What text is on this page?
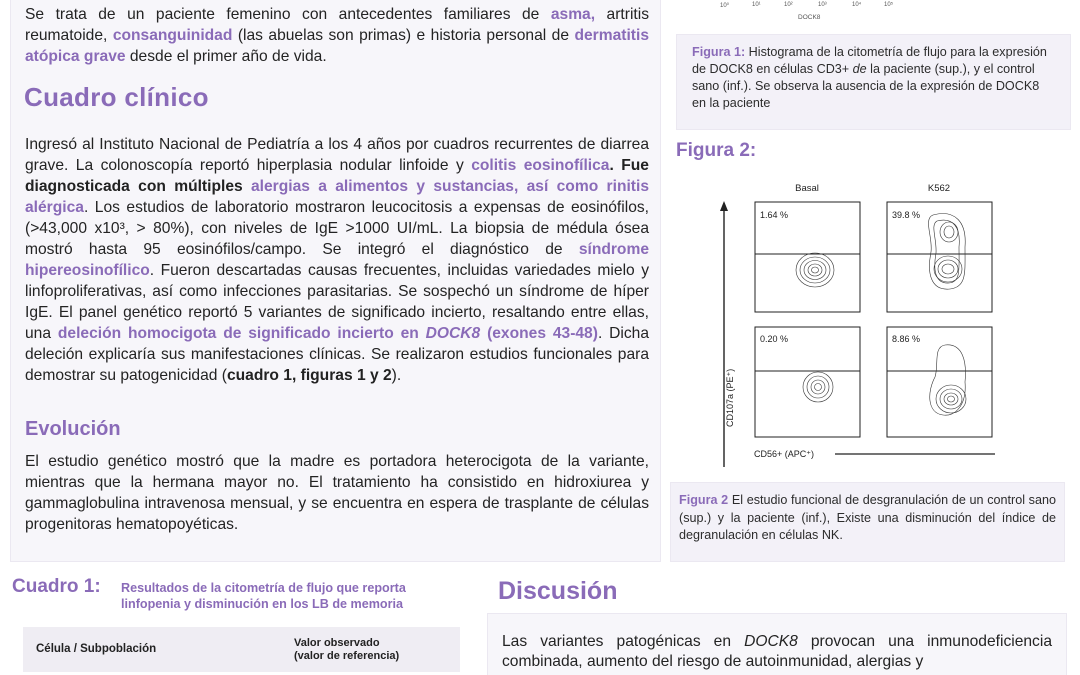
Se trata de un paciente femenino con antecedentes familiares de asma, artritis reumatoide, consanguinidad (las abuelas son primas) e historia personal de dermatitis atópica grave desde el primer año de vida.

Cuadro clínico

Ingresó al Instituto Nacional de Pediatría a los 4 años por cuadros recurrentes de diarrea grave. La colonoscopía reportó hiperplasia nodular linfoide y colitis eosinofílica. Fue diagnosticada con múltiples alergias a alimentos y sustancias, así como rinitis alérgica. Los estudios de laboratorio mostraron leucocitosis a expensas de eosinófilos, (>43,000 x10³, > 80%), con niveles de IgE >1000 UI/mL. La biopsia de médula ósea mostró hasta 95 eosinófilos/campo. Se integró el diagnóstico de síndrome hipereosinofílico. Fueron descartadas causas frecuentes, incluidas variedades mielo y linfoproliferativas, así como infecciones parasitarias. Se sospechó un síndrome de híper IgE. El panel genético reportó 5 variantes de significado incierto, resaltando entre ellas, una deleción homocigota de significado incierto en DOCK8 (exones 43-48). Dicha deleción explicaría sus manifestaciones clínicas. Se realizaron estudios funcionales para demostrar su patogenicidad (cuadro 1, figuras 1 y 2).

Evolución

El estudio genético mostró que la madre es portadora heterocigota de la variante, mientras que la hermana mayor no. El tratamiento ha consistido en hidroxiurea y gammaglobulina intravenosa mensual, y se encuentra en espera de trasplante de células progenitoras hematopoyéticas.

10⁰	10¹	10²	10³	10⁴	10⁵
DOCK8
Figura 1: Histograma de la citometría de flujo para la expresión de DOCK8 en células CD3+ de la paciente (sup.), y el control sano (inf.). Se observa la ausencia de la expresión de DOCK8 en la paciente
Figura 2:
Basal	K562
CD107a (PE⁺)
CD56+ (APC⁺)
1.64 %	39.8 %
0.20 %	8.86 %
Figura 2 El estudio funcional de desgranulación de un control sano (sup.) y la paciente (inf.), Existe una disminución del índice de degranulación en células NK.
Cuadro 1: Resultados de la citometría de flujo que reporta linfopenia y disminución en los LB de memoria
Célula / Subpoblación	Valor observado
(valor de referencia)
Discusión

Las variantes patogénicas en DOCK8 provocan una inmunodeficiencia combinada, aumento del riesgo de autoinmunidad, alergias y
